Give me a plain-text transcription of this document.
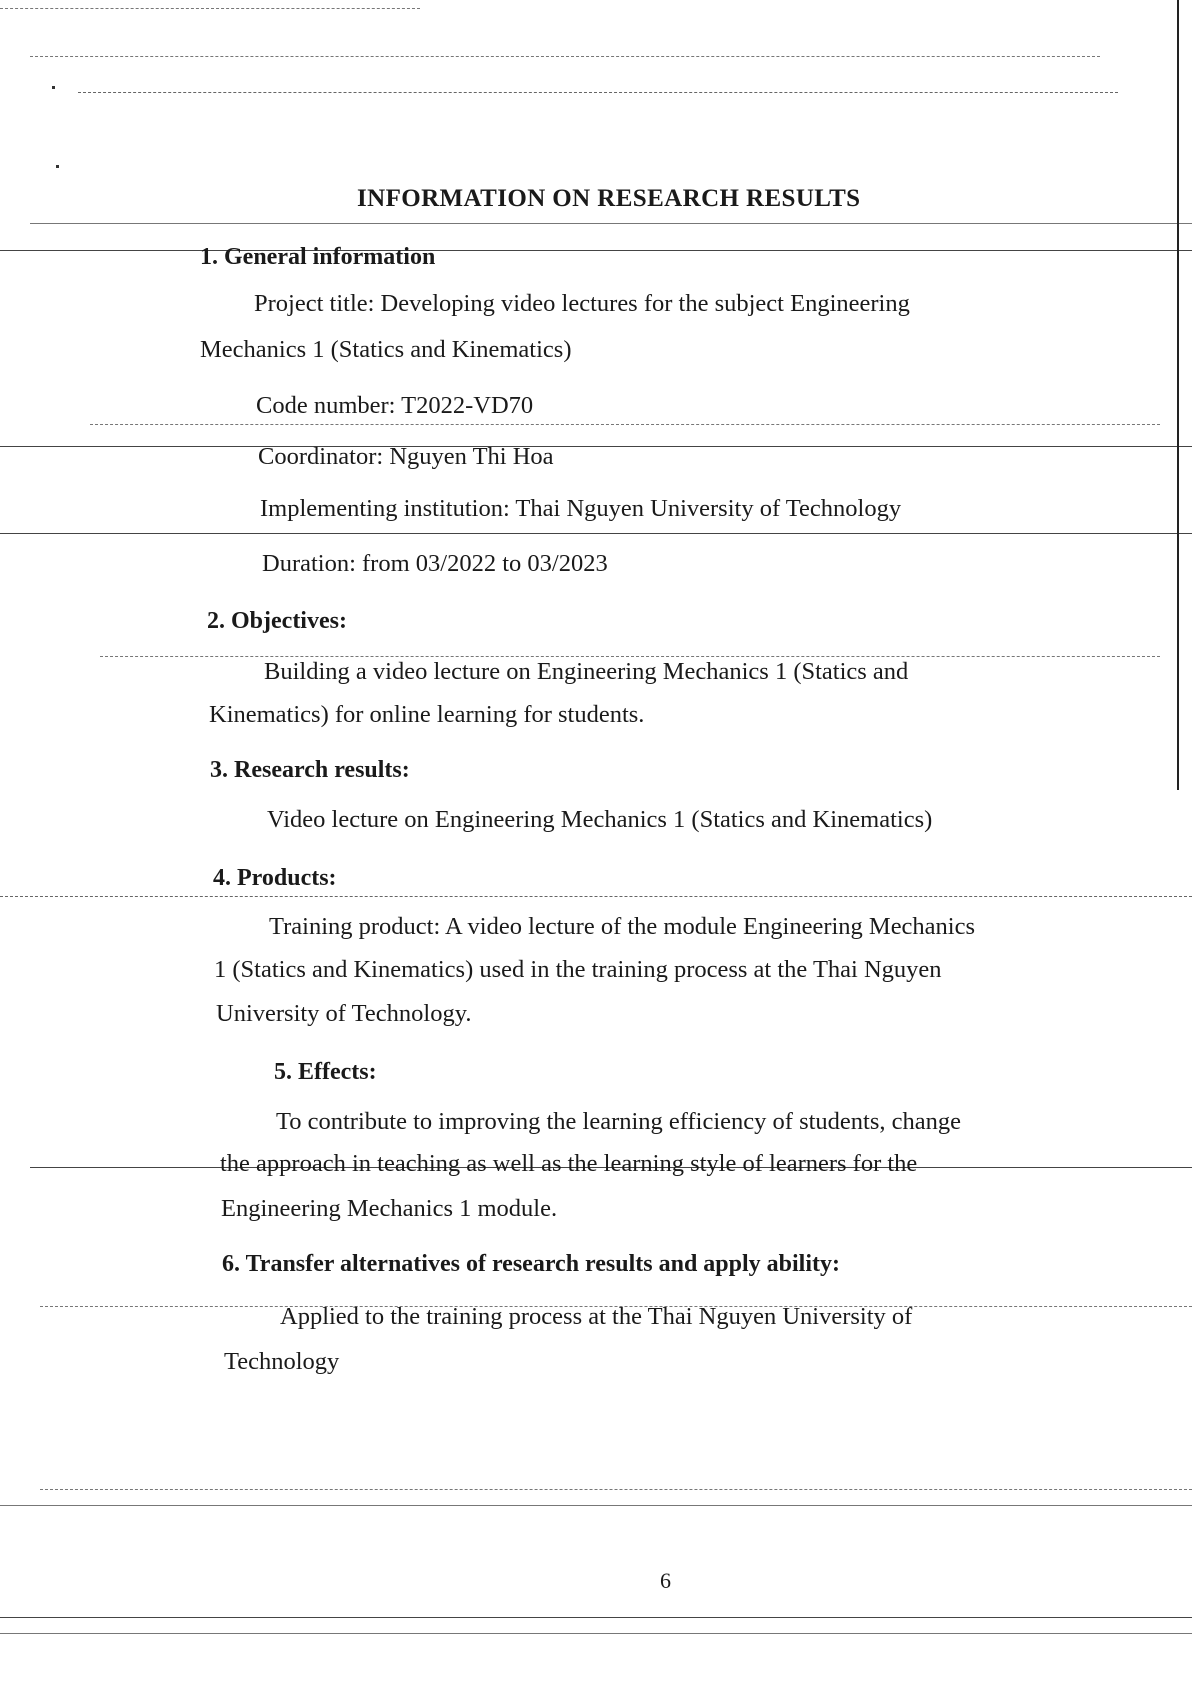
INFORMATION ON RESEARCH RESULTS
1. General information
Project title: Developing video lectures for the subject Engineering
Mechanics 1 (Statics and Kinematics)
Code number: T2022-VD70
Coordinator: Nguyen Thi Hoa
Implementing institution: Thai Nguyen University of Technology
Duration: from 03/2022 to 03/2023
2. Objectives:
Building a video lecture on Engineering Mechanics 1 (Statics and
Kinematics) for online learning for students.
3. Research results:
Video lecture on Engineering Mechanics 1 (Statics and Kinematics)
4. Products:
Training product: A video lecture of the module Engineering Mechanics
1 (Statics and Kinematics) used in the training process at the Thai Nguyen
University of Technology.
5. Effects:
To contribute to improving the learning efficiency of students, change
the approach in teaching as well as the learning style of learners for the
Engineering Mechanics 1 module.
6. Transfer alternatives of research results and apply ability:
Applied to the training process at the Thai Nguyen University of
Technology
6
